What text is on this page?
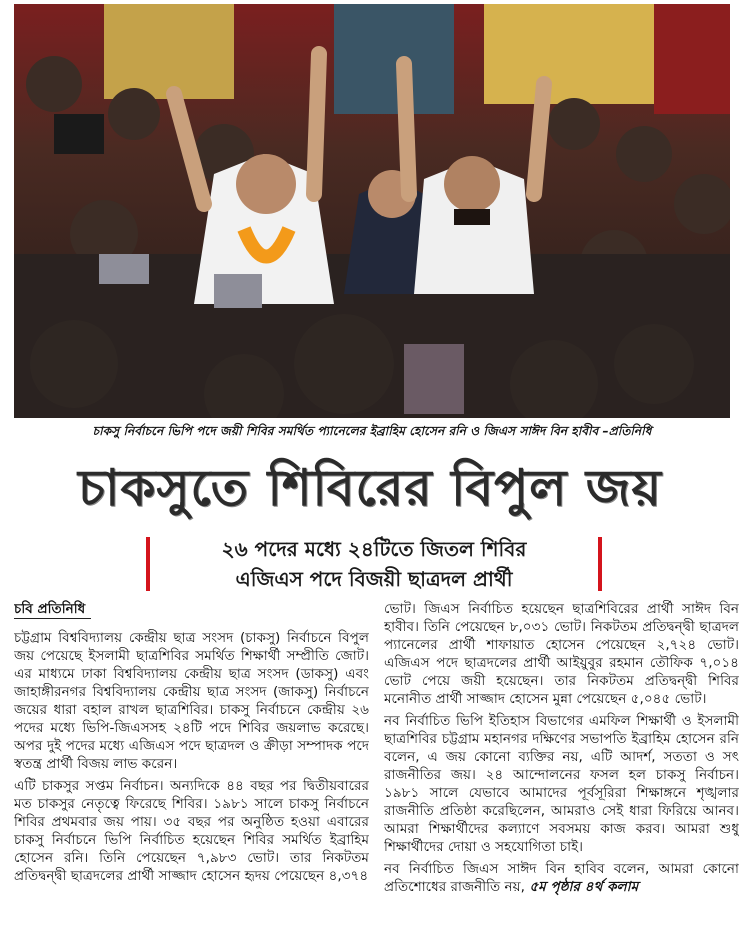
চাকসু নির্বাচনে ভিপি পদে জয়ী শিবির সমর্থিত প্যানেলের ইব্রাহিম হোসেন রনি ও জিএস সাঈদ বিন হাবীব –প্রতিনিধি
চাকসুতে শিবিরের বিপুল জয়
২৬ পদের মধ্যে ২৪টিতে জিতল শিবির
এজিএস পদে বিজয়ী ছাত্রদল প্রার্থী
চবি প্রতিনিধি

চট্টগ্রাম বিশ্ববিদ্যালয় কেন্দ্রীয় ছাত্র সংসদ (চাকসু) নির্বাচনে বিপুল জয় পেয়েছে ইসলামী ছাত্রশিবির সমর্থিত শিক্ষার্থী সম্প্রীতি জোট। এর মাধ্যমে ঢাকা বিশ্ববিদ্যালয় কেন্দ্রীয় ছাত্র সংসদ (ডাকসু) এবং জাহাঙ্গীরনগর বিশ্ববিদ্যালয় কেন্দ্রীয় ছাত্র সংসদ (জাকসু) নির্বাচনে জয়ের ধারা বহাল রাখল ছাত্রশিবির। চাকসু নির্বাচনে কেন্দ্রীয় ২৬ পদের মধ্যে ভিপি-জিএসসহ ২৪টি পদে শিবির জয়লাভ করেছে। অপর দুই পদের মধ্যে এজিএস পদে ছাত্রদল ও ক্রীড়া সম্পাদক পদে স্বতন্ত্র প্রার্থী বিজয় লাভ করেন।

এটি চাকসুর সপ্তম নির্বাচন। অন্যদিকে ৪৪ বছর পর দ্বিতীয়বারের মত চাকসুর নেতৃত্বে ফিরেছে শিবির। ১৯৮১ সালে চাকসু নির্বাচনে শিবির প্রথমবার জয় পায়। ৩৫ বছর পর অনুষ্ঠিত হওয়া এবারের চাকসু নির্বাচনে ভিপি নির্বাচিত হয়েছেন শিবির সমর্থিত ইব্রাহিম হোসেন রনি। তিনি পেয়েছেন ৭,৯৮৩ ভোট। তার নিকটতম প্রতিদ্বন্দ্বী ছাত্রদলের প্রার্থী সাজ্জাদ হোসেন হৃদয় পেয়েছেন ৪,৩৭৪

ভোট। জিএস নির্বাচিত হয়েছেন ছাত্রশিবিরের প্রার্থী সাঈদ বিন হাবীব। তিনি পেয়েছেন ৮,০৩১ ভোট। নিকটতম প্রতিদ্বন্দ্বী ছাত্রদল প্যানেলের প্রার্থী শাফায়াত হোসেন পেয়েছেন ২,৭২৪ ভোট। এজিএস পদে ছাত্রদলের প্রার্থী আইয়ুবুর রহমান তৌফিক ৭,০১৪ ভোট পেয়ে জয়ী হয়েছেন। তার নিকটতম প্রতিদ্বন্দ্বী শিবির মনোনীত প্রার্থী সাজ্জাদ হোসেন মুন্না পেয়েছেন ৫,০৪৫ ভোট।

নব নির্বাচিত ভিপি ইতিহাস বিভাগের এমফিল শিক্ষার্থী ও ইসলামী ছাত্রশিবির চট্টগ্রাম মহানগর দক্ষিণের সভাপতি ইব্রাহিম হোসেন রনি বলেন, এ জয় কোনো ব্যক্তির নয়, এটি আদর্শ, সততা ও সৎ রাজনীতির জয়। ২৪ আন্দোলনের ফসল হল চাকসু নির্বাচন। ১৯৮১ সালে যেভাবে আমাদের পূর্বসূরিরা শিক্ষাঙ্গনে শৃঙ্খলার রাজনীতি প্রতিষ্ঠা করেছিলেন, আমরাও সেই ধারা ফিরিয়ে আনব। আমরা শিক্ষার্থীদের কল্যাণে সবসময় কাজ করব। আমরা শুধু শিক্ষার্থীদের দোয়া ও সহযোগিতা চাই।

নব নির্বাচিত জিএস সাঈদ বিন হাবিব বলেন, আমরা কোনো প্রতিশোধের রাজনীতি নয়, ৫ম পৃষ্ঠার ৪র্থ কলাম
